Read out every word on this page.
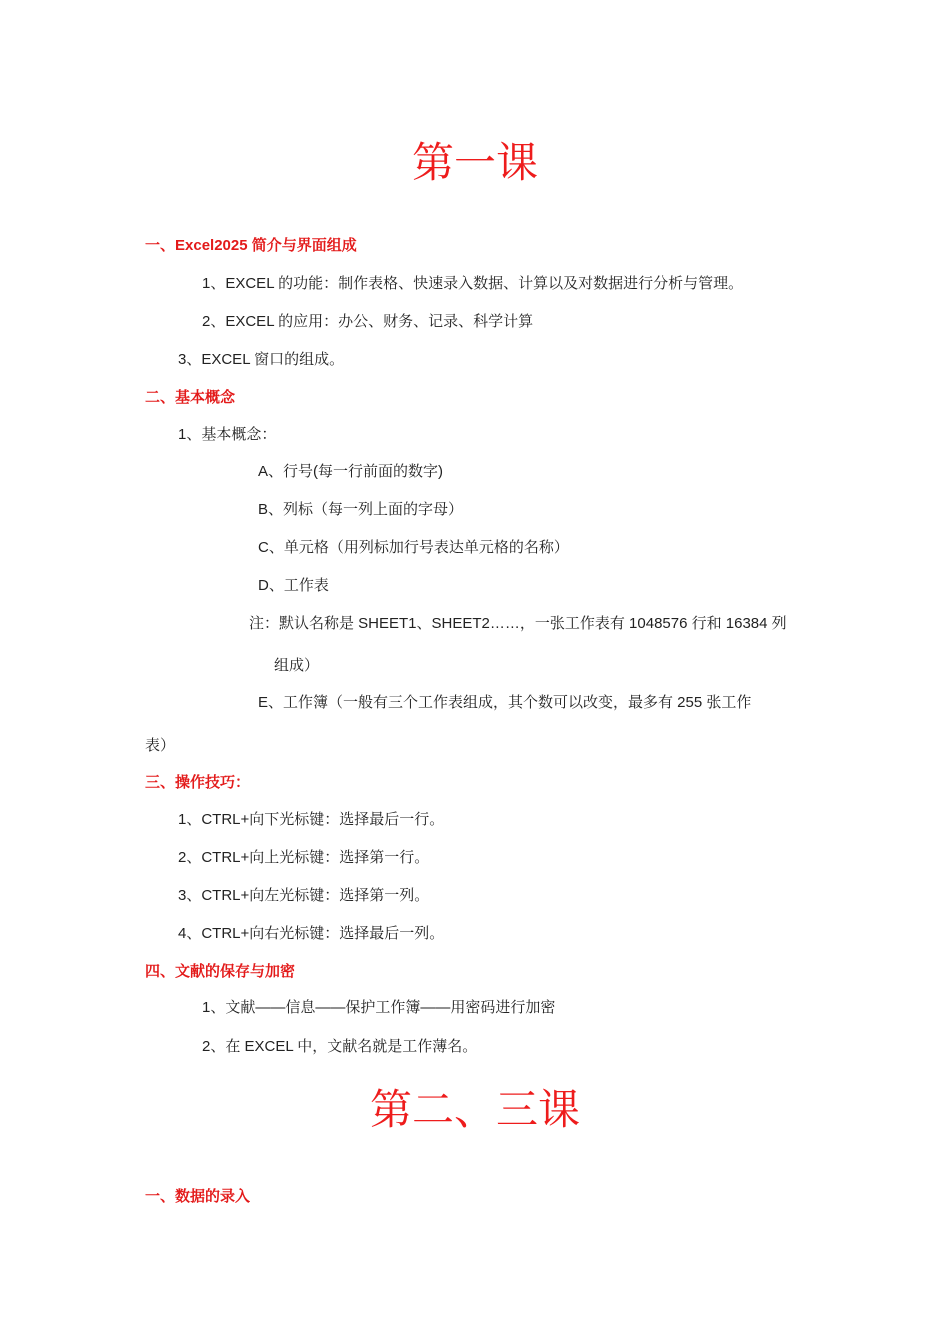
第一课
一、Excel2025 简介与界面组成
1、EXCEL 的功能：制作表格、快速录入数据、计算以及对数据进行分析与管理。
2、EXCEL 的应用：办公、财务、记录、科学计算
3、EXCEL 窗口的组成。
二、基本概念
1、基本概念：
A、行号(每一行前面的数字)
B、列标（每一列上面的字母）
C、单元格（用列标加行号表达单元格的名称）
D、工作表
注：默认名称是 SHEET1、SHEET2……，一张工作表有 1048576 行和 16384 列
组成）
E、工作簿（一般有三个工作表组成，其个数可以改变，最多有 255 张工作
表）
三、操作技巧：
1、CTRL+向下光标键：选择最后一行。
2、CTRL+向上光标键：选择第一行。
3、CTRL+向左光标键：选择第一列。
4、CTRL+向右光标键：选择最后一列。
四、文献的保存与加密
1、文献——信息——保护工作簿——用密码进行加密
2、在 EXCEL 中，文献名就是工作薄名。
第二、三课
一、数据的录入
